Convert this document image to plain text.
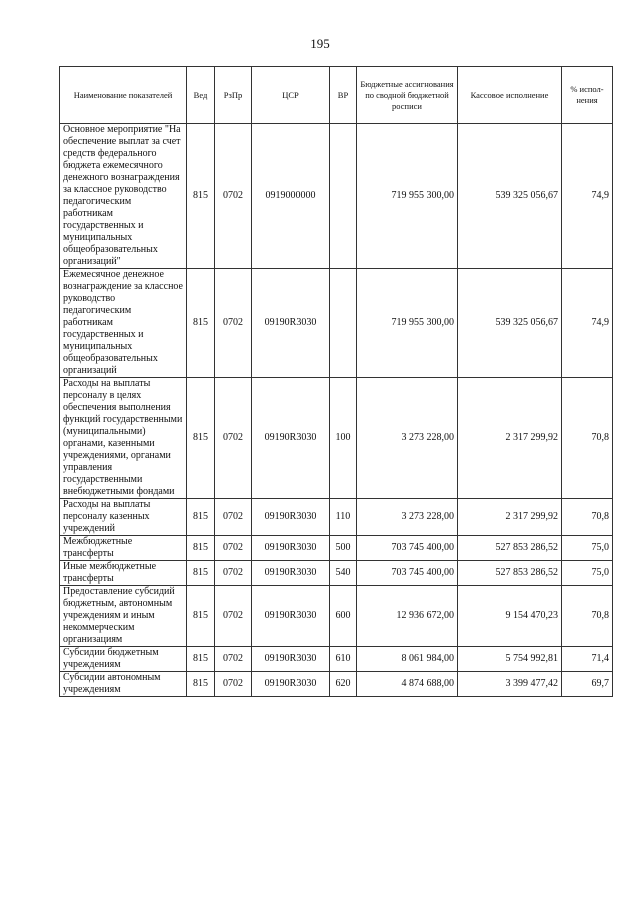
195
Наименование показателей	Вед	РзПр	ЦСР	ВР	Бюджетные ассигнования по сводной бюджетной росписи	Кассовое исполнение	% испол-нения
Основное мероприятие "На обеспечение выплат за счет средств федерального бюджета ежемесячного денежного вознаграждения за классное руководство педагогическим работникам государственных и муниципальных общеобразовательных организаций"	815	0702	0919000000		719 955 300,00	539 325 056,67	74,9
Ежемесячное денежное вознаграждение за классное руководство педагогическим работникам государственных и муниципальных общеобразовательных организаций	815	0702	09190R3030		719 955 300,00	539 325 056,67	74,9
Расходы на выплаты персоналу в целях обеспечения выполнения функций государственными (муниципальными) органами, казенными учреждениями, органами управления государственными внебюджетными фондами	815	0702	09190R3030	100	3 273 228,00	2 317 299,92	70,8
Расходы на выплаты персоналу казенных учреждений	815	0702	09190R3030	110	3 273 228,00	2 317 299,92	70,8
Межбюджетные трансферты	815	0702	09190R3030	500	703 745 400,00	527 853 286,52	75,0
Иные межбюджетные трансферты	815	0702	09190R3030	540	703 745 400,00	527 853 286,52	75,0
Предоставление субсидий бюджетным, автономным учреждениям и иным некоммерческим организациям	815	0702	09190R3030	600	12 936 672,00	9 154 470,23	70,8
Субсидии бюджетным учреждениям	815	0702	09190R3030	610	8 061 984,00	5 754 992,81	71,4
Субсидии автономным учреждениям	815	0702	09190R3030	620	4 874 688,00	3 399 477,42	69,7
